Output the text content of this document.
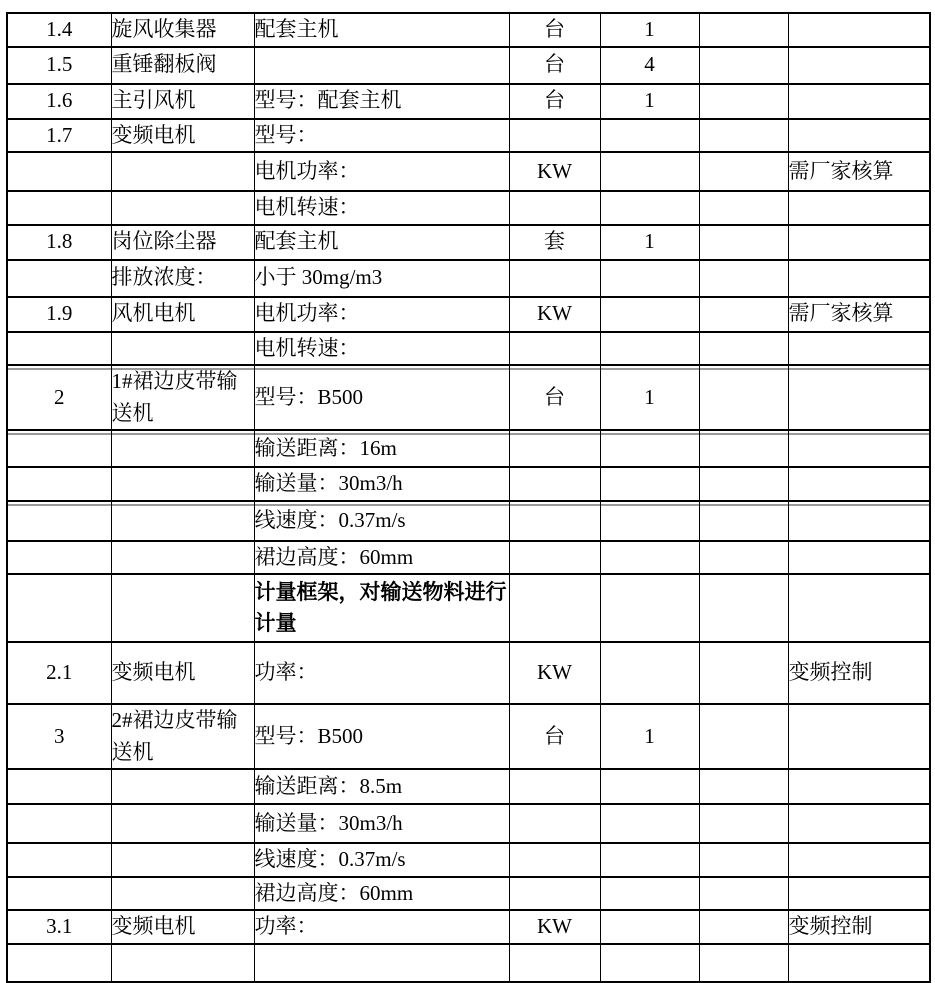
1.4	旋风收集器	配套主机	台	1		
1.5	重锤翻板阀		台	4		
1.6	主引风机	型号：配套主机	台	1		
1.7	变频电机	型号：				
		电机功率：	KW			需厂家核算
		电机转速：				
1.8	岗位除尘器	配套主机	套	1		
	排放浓度：	小于 30mg/m3				
1.9	风机电机	电机功率：	KW			需厂家核算
		电机转速：				
2	1#裙边皮带输送机	型号：B500	台	1		
		输送距离：16m				
		输送量：30m3/h				
		线速度：0.37m/s				
		裙边高度：60mm				
		计量框架，对输送物料进行计量				
2.1	变频电机	功率：	KW			变频控制
3	2#裙边皮带输送机	型号：B500	台	1		
		输送距离：8.5m				
		输送量：30m3/h				
		线速度：0.37m/s				
		裙边高度：60mm				
3.1	变频电机	功率：	KW			变频控制
